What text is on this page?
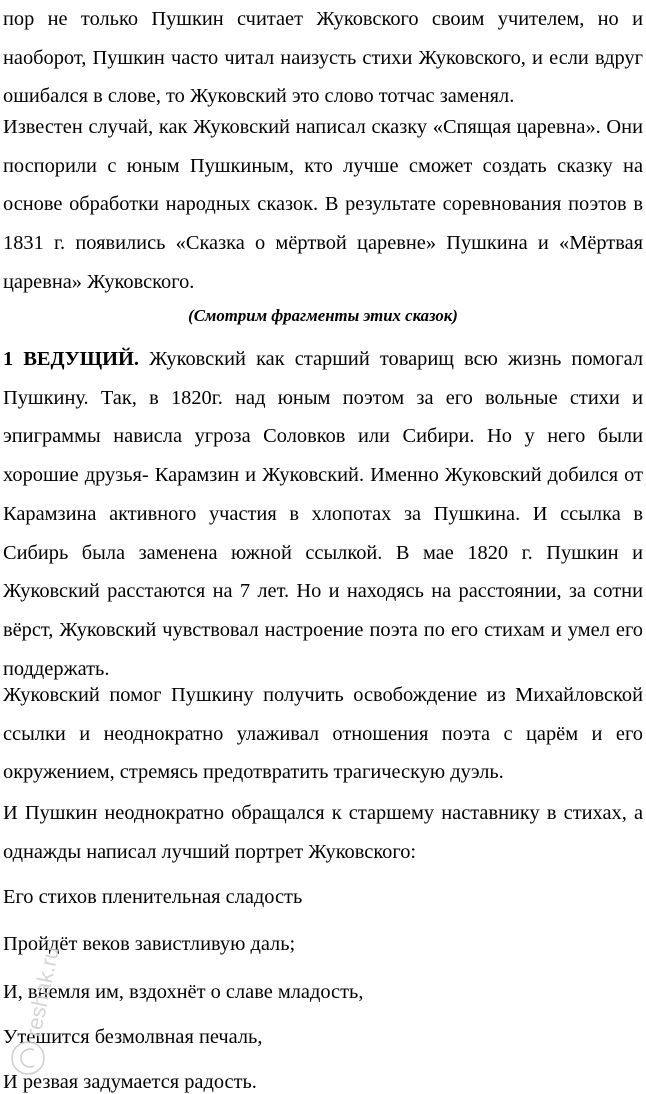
пор не только Пушкин считает Жуковского своим учителем, но и наоборот, Пушкин часто читал наизусть стихи Жуковского, и если вдруг ошибался в слове, то Жуковский это слово тотчас заменял.

Известен случай, как Жуковский написал сказку «Спящая царевна». Они поспорили с юным Пушкиным, кто лучше сможет создать сказку на основе обработки народных сказок. В результате соревнования поэтов в 1831 г. появились «Сказка о мёртвой царевне» Пушкина и «Мёртвая царевна» Жуковского.

(Смотрим фрагменты этих сказок)

1 ВЕДУЩИЙ. Жуковский как старший товарищ всю жизнь помогал Пушкину. Так, в 1820г. над юным поэтом за его вольные стихи и эпиграммы нависла угроза Соловков или Сибири. Но у него были хорошие друзья- Карамзин и Жуковский. Именно Жуковский добился от Карамзина активного участия в хлопотах за Пушкина. И ссылка в Сибирь была заменена южной ссылкой. В мае 1820 г. Пушкин и Жуковский расстаются на 7 лет. Но и находясь на расстоянии, за сотни вёрст, Жуковский чувствовал настроение поэта по его стихам и умел его поддержать.

Жуковский помог Пушкину получить освобождение из Михайловской ссылки и неоднократно улаживал отношения поэта с царём и его окружением, стремясь предотвратить трагическую дуэль.

И Пушкин неоднократно обращался к старшему наставнику в стихах, а однажды написал лучший портрет Жуковского:

Его стихов пленительная сладость

Пройдёт веков завистливую даль;

И, внемля им, вздохнёт о славе младость,

Утешится безмолвная печаль,

И резвая задумается радость.

reshak.ru
